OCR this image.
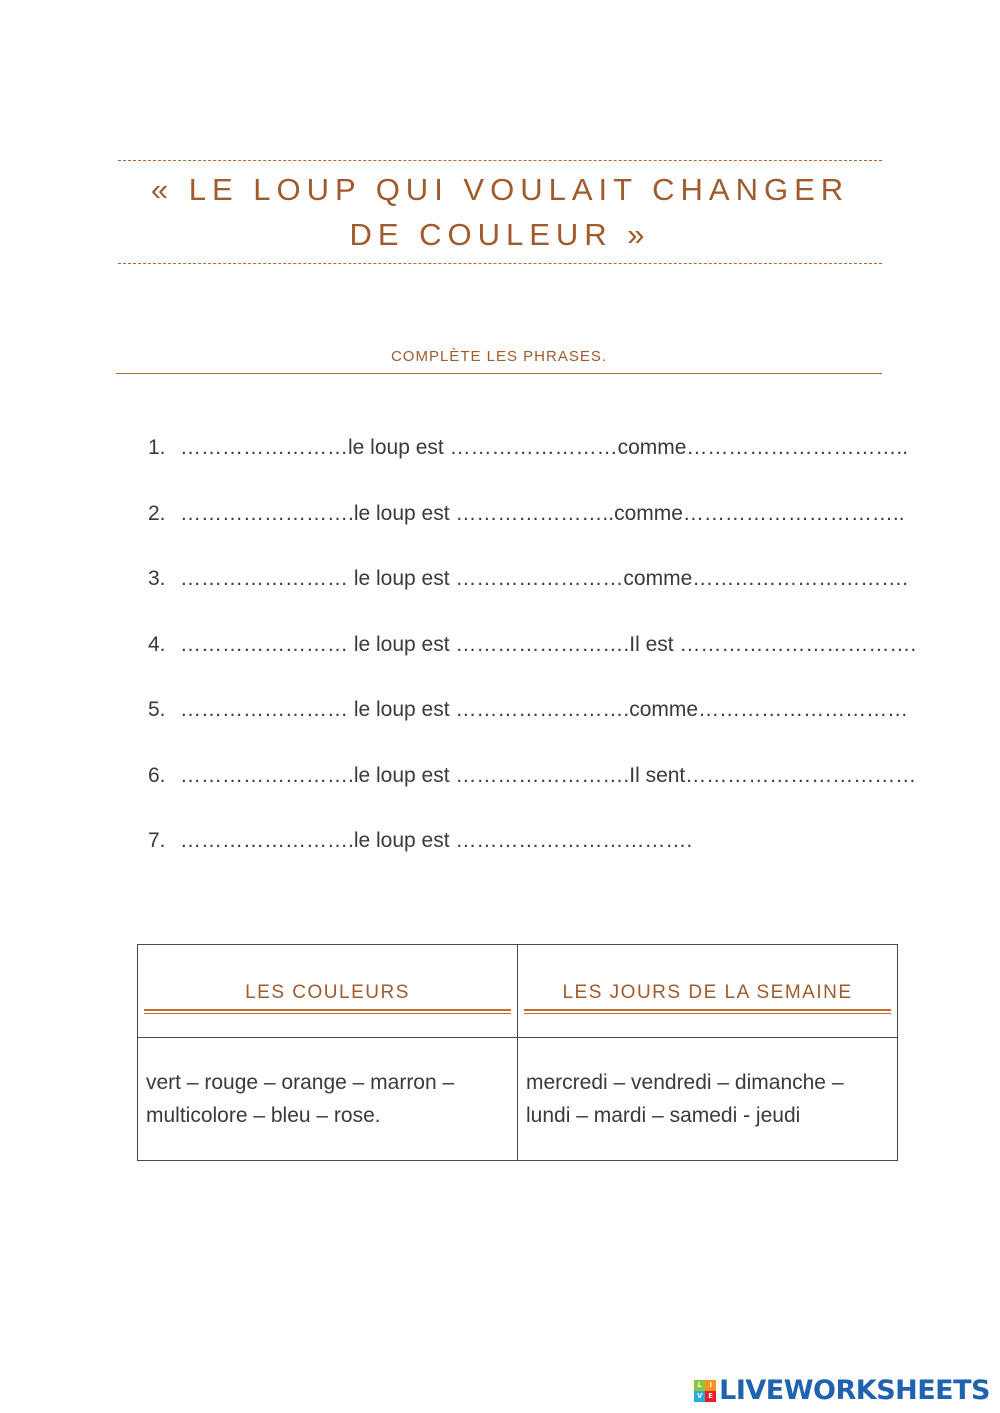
« LE LOUP QUI VOULAIT CHANGER DE COULEUR »
COMPLÈTE LES PHRASES.
1. ……………………le loup est ……………………comme…………………………..
2. …………………….le loup est …………………..comme…………………………..
3. …………………… le loup est ……………………comme………………………….
4. …………………… le loup est …………………….Il est …………………………….
5. …………………… le loup est …………………….comme…………………………
6. …………………….le loup est …………………….Il sent……………………………
7. …………………….le loup est …………………………….
LES COULEURS	LES JOURS DE LA SEMAINE

vert – rouge – orange – marron – multicolore – bleu – rose.	mercredi – vendredi – dimanche – lundi – mardi – samedi - jeudi
L	I
V E LIVEWORKSHEETS
